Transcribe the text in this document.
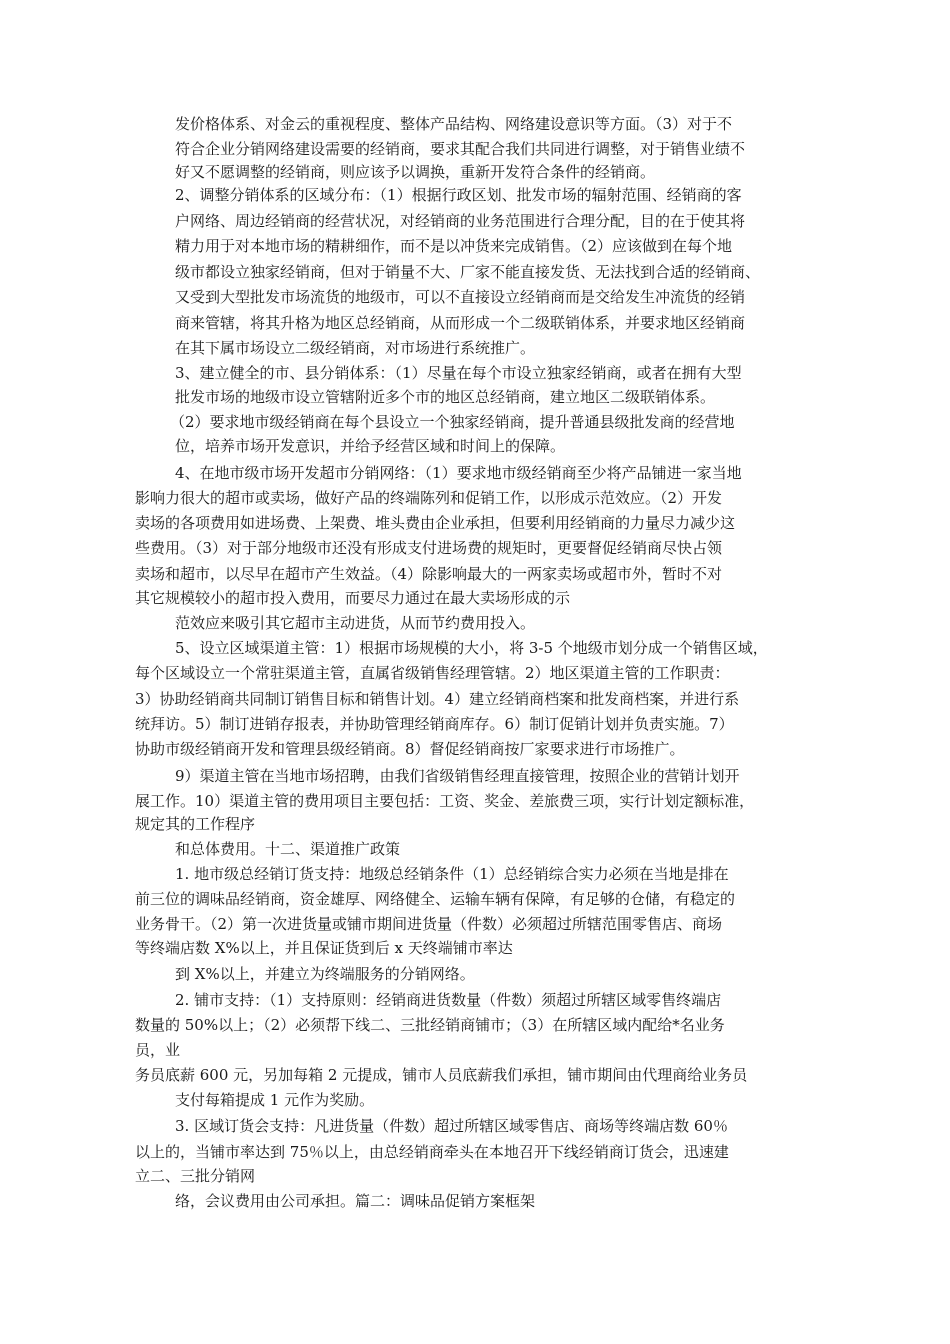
发价格体系、对金云的重视程度、整体产品结构、网络建设意识等方面。（3）对于不
符合企业分销网络建设需要的经销商，要求其配合我们共同进行调整，对于销售业绩不
好又不愿调整的经销商，则应该予以调换，重新开发符合条件的经销商。
2、调整分销体系的区域分布：（1）根据行政区划、批发市场的辐射范围、经销商的客
户网络、周边经销商的经营状况，对经销商的业务范围进行合理分配，目的在于使其将
精力用于对本地市场的精耕细作，而不是以冲货来完成销售。（2）应该做到在每个地
级市都设立独家经销商，但对于销量不大、厂家不能直接发货、无法找到合适的经销商、
又受到大型批发市场流货的地级市，可以不直接设立经销商而是交给发生冲流货的经销
商来管辖，将其升格为地区总经销商，从而形成一个二级联销体系，并要求地区经销商
在其下属市场设立二级经销商，对市场进行系统推广。
3、建立健全的市、县分销体系：（1）尽量在每个市设立独家经销商，或者在拥有大型
批发市场的地级市设立管辖附近多个市的地区总经销商，建立地区二级联销体系。
（2）要求地市级经销商在每个县设立一个独家经销商，提升普通县级批发商的经营地
位，培养市场开发意识，并给予经营区域和时间上的保障。
4、在地市级市场开发超市分销网络：（1）要求地市级经销商至少将产品铺进一家当地
影响力很大的超市或卖场，做好产品的终端陈列和促销工作，以形成示范效应。（2）开发
卖场的各项费用如进场费、上架费、堆头费由企业承担，但要利用经销商的力量尽力减少这
些费用。（3）对于部分地级市还没有形成支付进场费的规矩时，更要督促经销商尽快占领
卖场和超市，以尽早在超市产生效益。（4）除影响最大的一两家卖场或超市外，暂时不对
其它规模较小的超市投入费用，而要尽力通过在最大卖场形成的示
范效应来吸引其它超市主动进货，从而节约费用投入。
5、设立区域渠道主管：1）根据市场规模的大小，将 3-5 个地级市划分成一个销售区域，
每个区域设立一个常驻渠道主管，直属省级销售经理管辖。2）地区渠道主管的工作职责：
3）协助经销商共同制订销售目标和销售计划。4）建立经销商档案和批发商档案，并进行系
统拜访。5）制订进销存报表，并协助管理经销商库存。6）制订促销计划并负责实施。7）
协助市级经销商开发和管理县级经销商。8）督促经销商按厂家要求进行市场推广。
9）渠道主管在当地市场招聘，由我们省级销售经理直接管理，按照企业的营销计划开
展工作。10）渠道主管的费用项目主要包括：工资、奖金、差旅费三项，实行计划定额标准，
规定其的工作程序
和总体费用。十二、渠道推广政策
1. 地市级总经销订货支持：地级总经销条件（1）总经销综合实力必须在当地是排在
前三位的调味品经销商，资金雄厚、网络健全、运输车辆有保障，有足够的仓储，有稳定的
业务骨干。（2）第一次进货量或铺市期间进货量（件数）必须超过所辖范围零售店、商场
等终端店数 X%以上，并且保证货到后 x 天终端铺市率达
到 X%以上，并建立为终端服务的分销网络。
2. 铺市支持：（1）支持原则：经销商进货数量（件数）须超过所辖区域零售终端店
数量的 50%以上；（2）必须帮下线二、三批经销商铺市；（3）在所辖区域内配给*名业务
员，业
务员底薪 600 元，另加每箱 2 元提成，铺市人员底薪我们承担，铺市期间由代理商给业务员
支付每箱提成 1 元作为奖励。
3. 区域订货会支持：凡进货量（件数）超过所辖区域零售店、商场等终端店数 60％
以上的，当铺市率达到 75％以上，由总经销商牵头在本地召开下线经销商订货会，迅速建
立二、三批分销网
络，会议费用由公司承担。篇二：调味品促销方案框架
